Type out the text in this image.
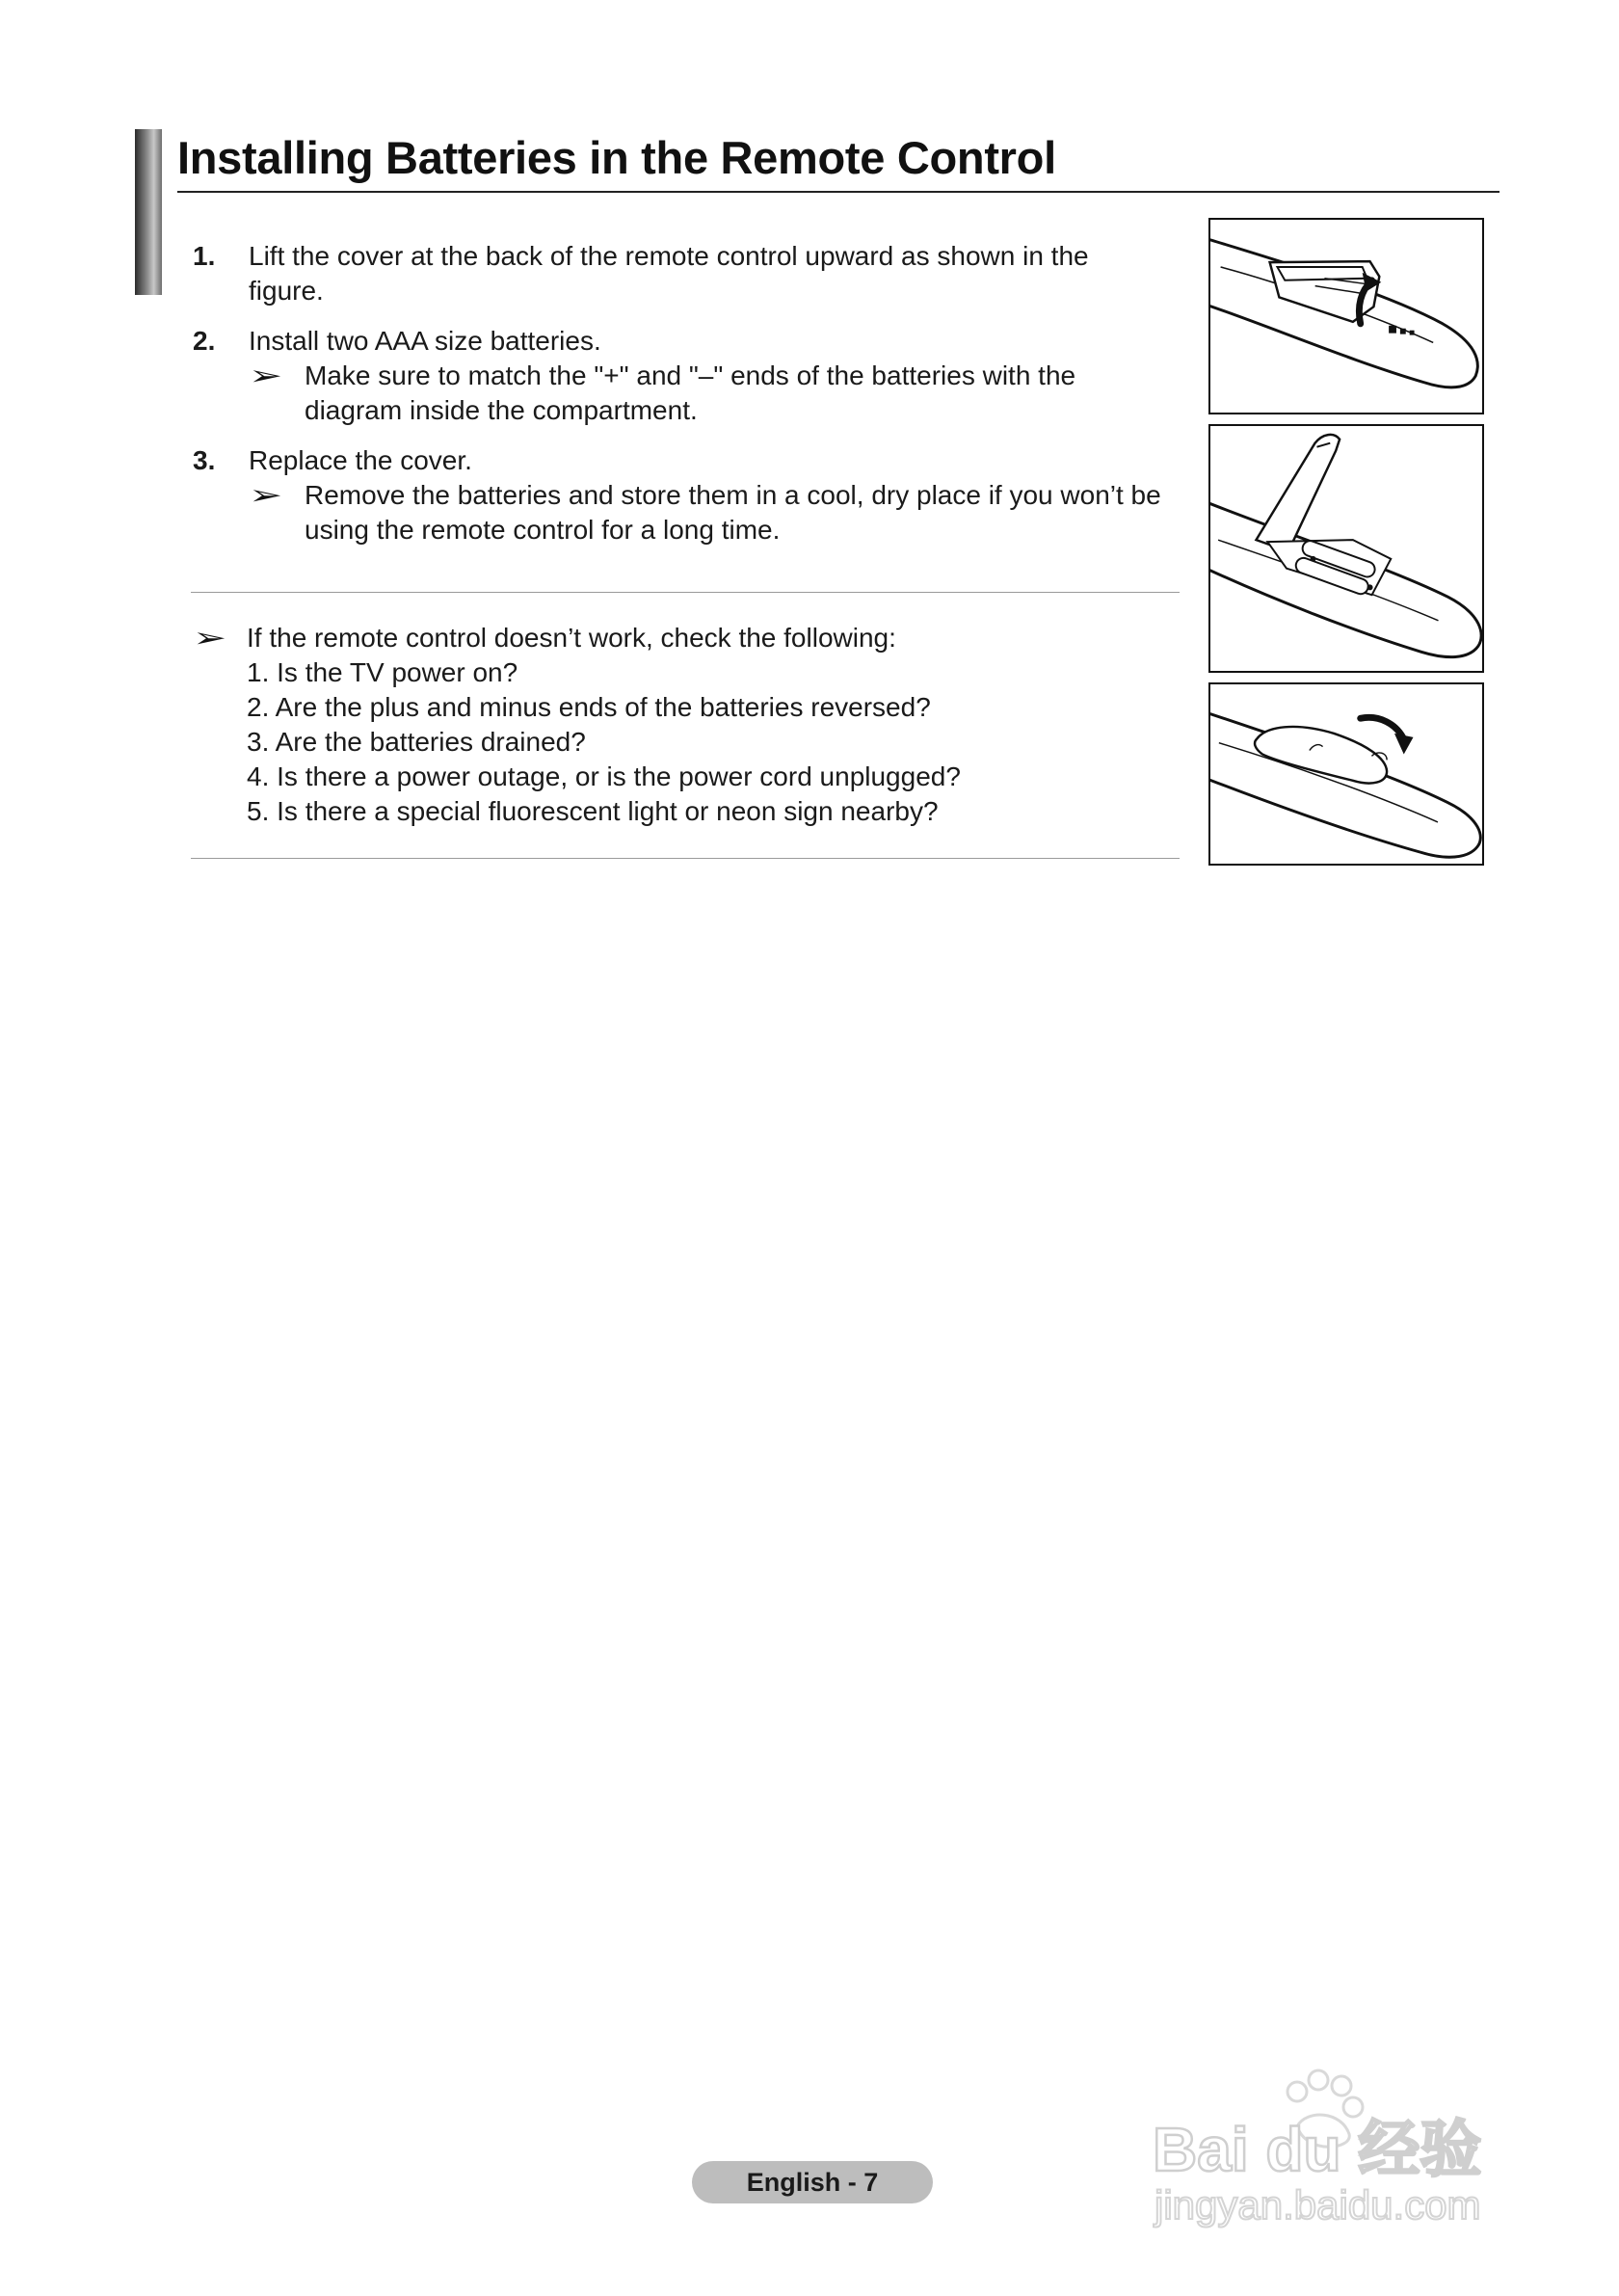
Installing Batteries in the Remote Control
1. Lift the cover at the back of the remote control upward as shown in the figure.
2. Install two AAA size batteries.
➢ Make sure to match the "+" and "–" ends of the batteries with the diagram inside the compartment.
3. Replace the cover.
➢ Remove the batteries and store them in a cool, dry place if you won’t be using the remote control for a long time.
➢ If the remote control doesn’t work, check the following:
1. Is the TV power on?
2. Are the plus and minus ends of the batteries reversed?
3. Are the batteries drained?
4. Is there a power outage, or is the power cord unplugged?
5. Is there a special fluorescent light or neon sign nearby?
English - 7	Bai du 经验
jingyan.baidu.com
